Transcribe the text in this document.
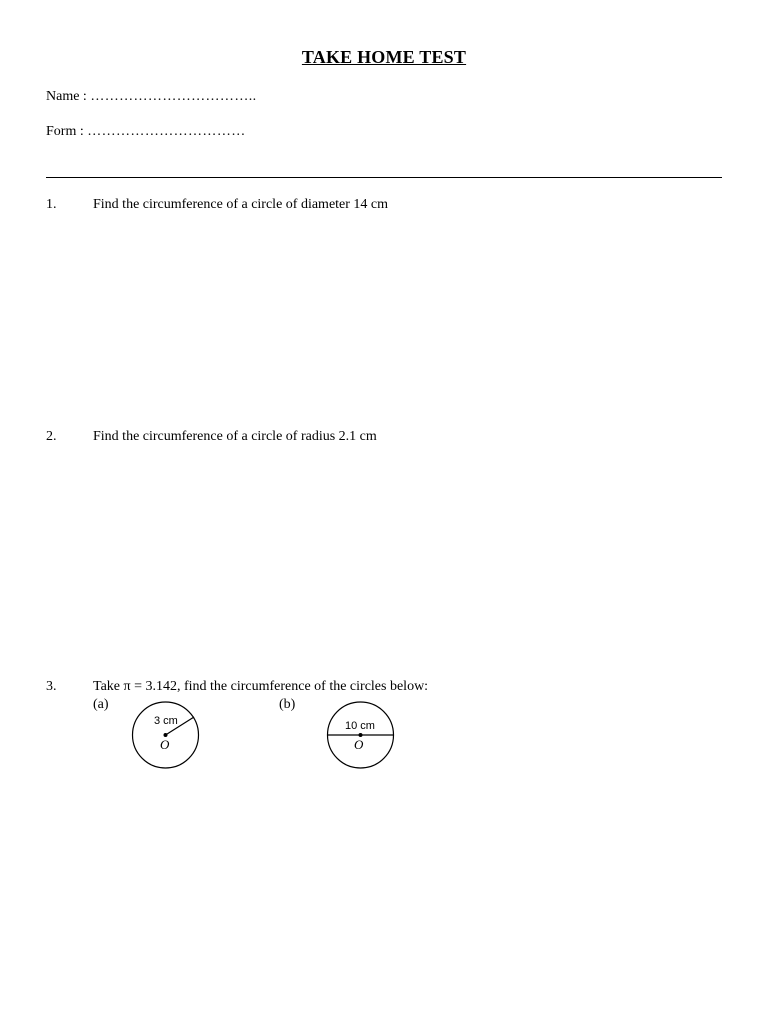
TAKE HOME TEST
Name : ……………………………..
Form : ……………………………
1.	Find the circumference of a circle of diameter 14 cm
2.	Find the circumference of a circle of radius 2.1 cm
3.	Take π = 3.142, find the circumference of the circles below:
(a)	(b)
3 cm
O
10 cm
O
